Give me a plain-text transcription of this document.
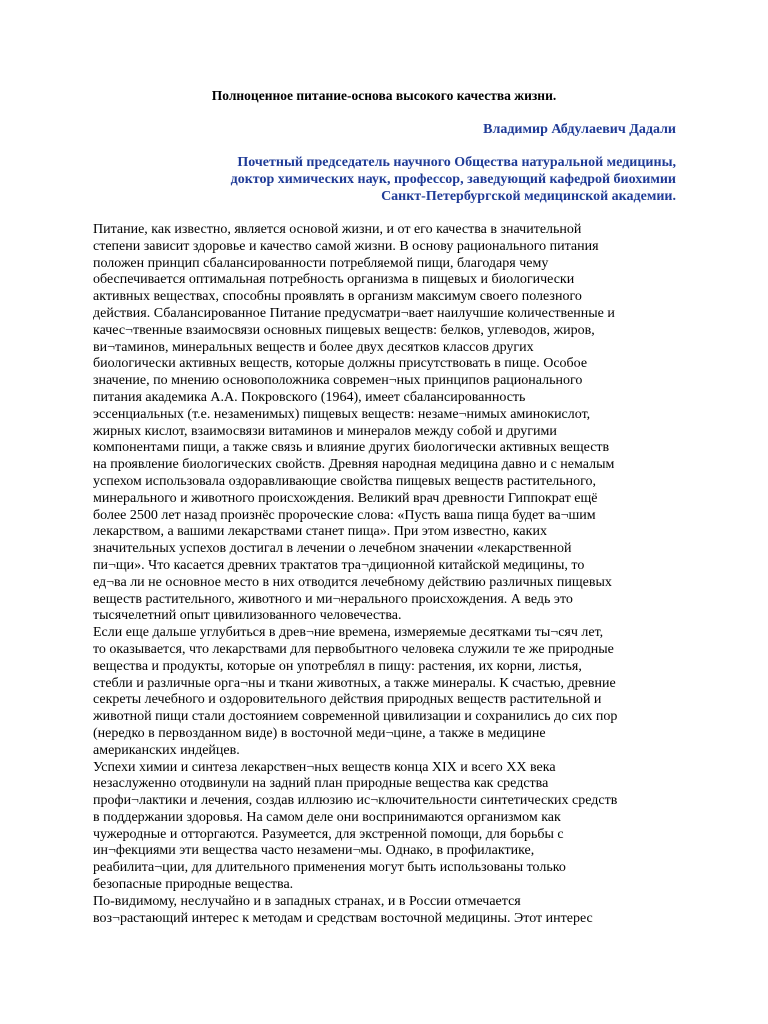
Полноценное питание-основа высокого качества жизни.

Владимир Абдулаевич Дадали

Почетный председатель научного Общества натуральной медицины,
доктор химических наук, профессор, заведующий кафедрой биохимии
Санкт-Петербургской медицинской академии.
Питание, как известно, является основой жизни, и от его качества в значительной
степени зависит здоровье и качество самой жизни. В основу рационального питания
положен принцип сбалансированности потребляемой пищи, благодаря чему
обеспечивается оптимальная потребность организма в пищевых и биологически
активных веществах, способны проявлять в организм максимум своего полезного
действия. Сбалансированное Питание предусматри¬вает наилучшие количественные и
качес¬твенные взаимосвязи основных пищевых веществ: белков, углеводов, жиров,
ви¬таминов, минеральных веществ и более двух десятков классов других
биологически активных веществ, которые должны присутствовать в пище. Особое
значение, по мнению основоположника современ¬ных принципов рационального
питания академика А.А. Покровского (1964), имеет сбалансированность
эссенциальных (т.е. незаменимых) пищевых веществ: незаме¬нимых аминокислот,
жирных кислот, взаимосвязи витаминов и минералов между собой и другими
компонентами пищи, а также связь и влияние других биологически активных веществ
на проявление биологических свойств. Древняя народная медицина давно и с немалым
успехом использовала оздоравливающие свойства пищевых веществ растительного,
минерального и животного происхождения. Великий врач древности Гиппократ ещё
более 2500 лет назад произнёс пророческие слова: «Пусть ваша пища будет ва¬шим
лекарством, а вашими лекарствами станет пища». При этом известно, каких
значительных успехов достигал в лечении о лечебном значении «лекарственной
пи¬щи». Что касается древних трактатов тра¬диционной китайской медицины, то
ед¬ва ли не основное место в них отводится лечебному действию различных пищевых
веществ растительного, животного и ми¬нерального происхождения. А ведь это
тысячелетний опыт цивилизованного человечества.
Если еще дальше углубиться в древ¬ние времена, измеряемые десятками ты¬сяч лет,
то оказывается, что лекарствами для первобытного человека служили те же природные
вещества и продукты, которые он употреблял в пищу: растения, их корни, листья,
стебли и различные орга¬ны и ткани животных, а также минералы. К счастью, древние
секреты лечебного и оздоровительного действия природных веществ растительной и
животной пищи стали достоянием современной цивилизации и сохранились до сих пор
(нередко в первозданном виде) в восточной меди¬цине, а также в медицине
американских индейцев.
Успехи химии и синтеза лекарствен¬ных веществ конца XIX и всего XX века
незаслуженно отодвинули на задний план природные вещества как средства
профи¬лактики и лечения, создав иллюзию ис¬ключительности синтетических средств
в поддержании здоровья. На самом деле они воспринимаются организмом как
чужеродные и отторгаются. Разумеется, для экстренной помощи, для борьбы с
ин¬фекциями эти вещества часто незамени¬мы. Однако, в профилактике,
реабилита¬ции, для длительного применения могут быть использованы только
безопасные природные вещества.
По-видимому, неслучайно и в западных странах, и в России отмечается
воз¬растающий интерес к методам и средствам восточной медицины. Этот интерес
